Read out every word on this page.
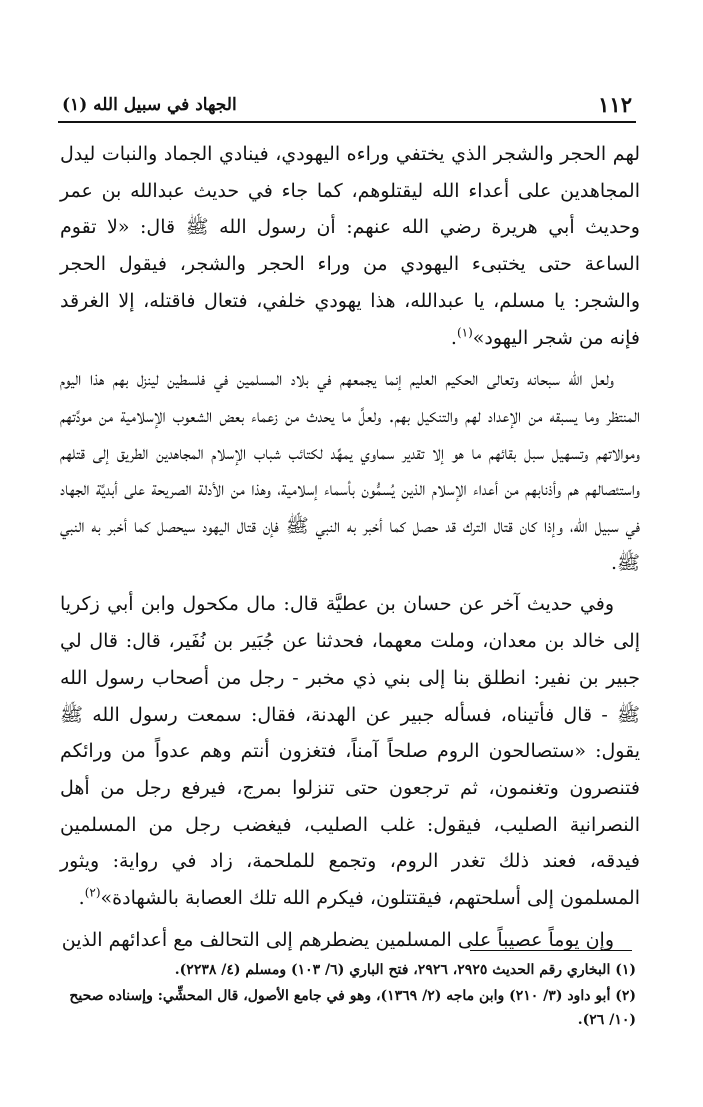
١١٢
الجهاد في سبيل الله (١)

لهم الحجر والشجر الذي يختفي وراءه اليهودي، فينادي الجماد والنبات ليدل المجاهدين على أعداء الله ليقتلوهم، كما جاء في حديث عبدالله بن عمر وحديث أبي هريرة رضي الله عنهم: أن رسول الله ﷺ قال: «لا تقوم الساعة حتى يختبىء اليهودي من وراء الحجر والشجر، فيقول الحجر والشجر: يا مسلم، يا عبدالله، هذا يهودي خلفي، فتعال فاقتله، إلا الغرقد فإنه من شجر اليهود»$^{(١)}$.

ولعل الله سبحانه وتعالى الحكيم العليم إنما يجمعهم في بلاد المسلمين في فلسطين لينزل بهم هذا اليوم المنتظر وما يسبقه من الإعداد لهم والتنكيل بهم. ولعلَّ ما يحدث من زعماء بعض الشعوب الإسلامية من مودَّتهم وموالاتهم وتسهيل سبل بقائهم ما هو إلا تقدير سماوي يمهِّد لكتائب شباب الإسلام المجاهدين الطريق إلى قتلهم واستئصالهم هم وأذنابهم من أعداء الإسلام الذين يُسمُّون بأسماء إسلامية، وهذا من الأدلة الصريحة على أبديَّة الجهاد في سبيل الله، وإذا كان قتال الترك قد حصل كما أخبر به النبي ﷺ فإن قتال اليهود سيحصل كما أخبر به النبي ﷺ.

وفي حديث آخر عن حسان بن عطيَّة قال: مال مكحول وابن أبي زكريا إلى خالد بن معدان، وملت معهما، فحدثنا عن جُبَير بن نُفَير، قال: قال لي جبير بن نفير: انطلق بنا إلى بني ذي مخبر - رجل من أصحاب رسول الله ﷺ - قال فأتيناه، فسأله جبير عن الهدنة، فقال: سمعت رسول الله ﷺ يقول: «ستصالحون الروم صلحاً آمناً، فتغزون أنتم وهم عدواً من ورائكم فتنصرون وتغنمون، ثم ترجعون حتى تنزلوا بمرج، فيرفع رجل من أهل النصرانية الصليب، فيقول: غلب الصليب، فيغضب رجل من المسلمين فيدقه، فعند ذلك تغدر الروم، وتجمع للملحمة، زاد في رواية: ويثور المسلمون إلى أسلحتهم، فيقتتلون، فيكرم الله تلك العصابة بالشهادة»$^{(٢)}$.

وإن يوماً عصيباً على المسلمين يضطرهم إلى التحالف مع أعدائهم الذين

(١) البخاري رقم الحديث ٢٩٢٥، ٢٩٢٦، فتح الباري (٦/ ١٠٣) ومسلم (٤/ ٢٢٣٨).

(٢) أبو داود (٣/ ٢١٠) وابن ماجه (٢/ ١٣٦٩)، وهو في جامع الأصول، قال المحشِّي: وإسناده صحيح (١٠/ ٢٦).
